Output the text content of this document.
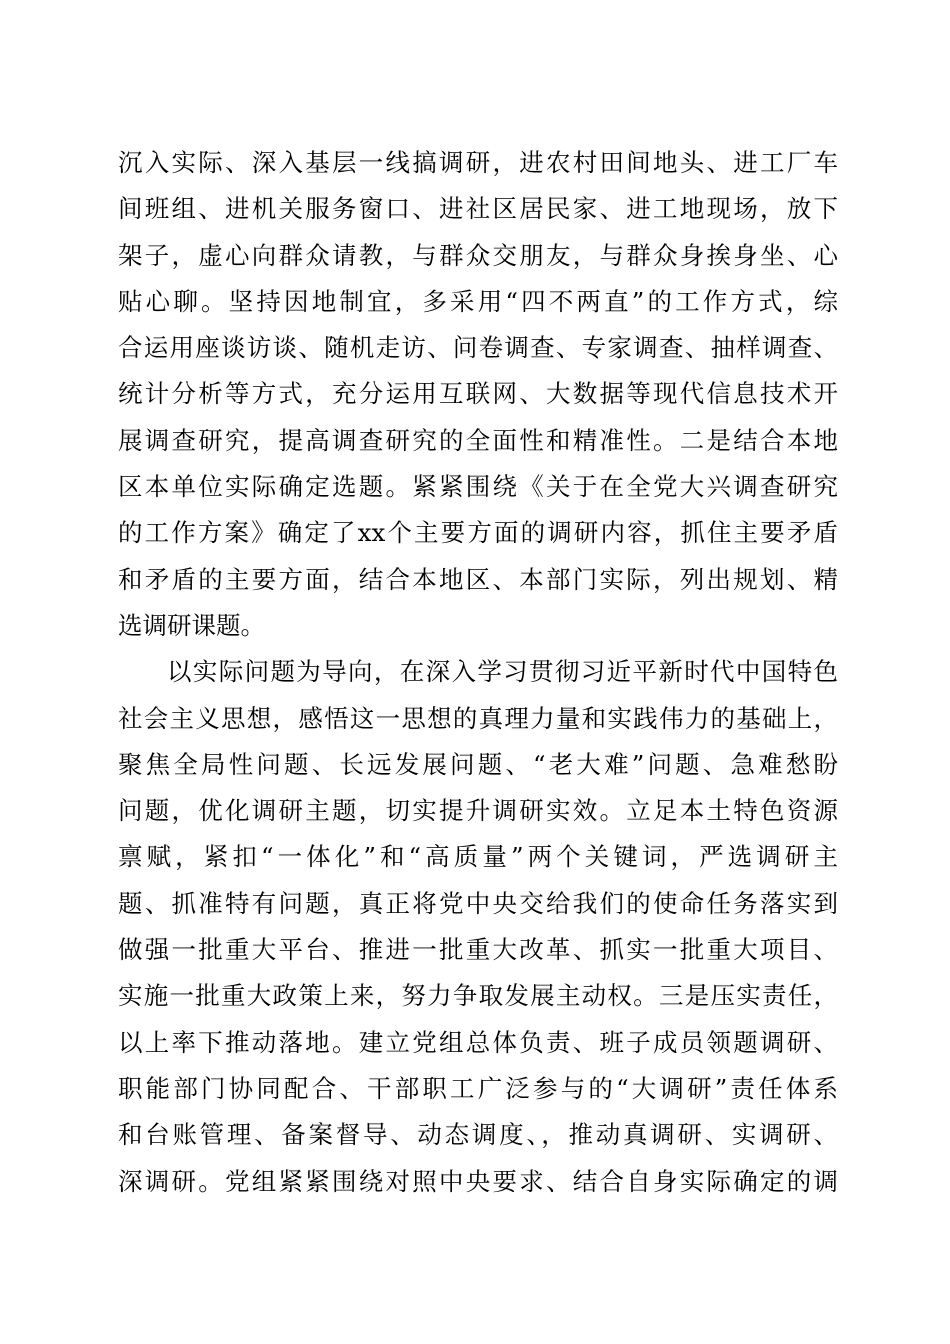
沉入实际、深入基层一线搞调研，进农村田间地头、进工厂车
间班组、进机关服务窗口、进社区居民家、进工地现场，放下
架子，虚心向群众请教，与群众交朋友，与群众身挨身坐、心
贴心聊。坚持因地制宜，多采用“四不两直”的工作方式，综
合运用座谈访谈、随机走访、问卷调查、专家调查、抽样调查、
统计分析等方式，充分运用互联网、大数据等现代信息技术开
展调查研究，提高调查研究的全面性和精准性。二是结合本地
区本单位实际确定选题。紧紧围绕《关于在全党大兴调查研究
的工作方案》确定了xx个主要方面的调研内容，抓住主要矛盾
和矛盾的主要方面，结合本地区、本部门实际，列出规划、精
选调研课题。
以实际问题为导向，在深入学习贯彻习近平新时代中国特色
社会主义思想，感悟这一思想的真理力量和实践伟力的基础上，
聚焦全局性问题、长远发展问题、“老大难”问题、急难愁盼
问题，优化调研主题，切实提升调研实效。立足本土特色资源
禀赋，紧扣“一体化”和“高质量”两个关键词，严选调研主
题、抓准特有问题，真正将党中央交给我们的使命任务落实到
做强一批重大平台、推进一批重大改革、抓实一批重大项目、
实施一批重大政策上来，努力争取发展主动权。三是压实责任，
以上率下推动落地。建立党组总体负责、班子成员领题调研、
职能部门协同配合、干部职工广泛参与的“大调研”责任体系
和台账管理、备案督导、动态调度、，推动真调研、实调研、
深调研。党组紧紧围绕对照中央要求、结合自身实际确定的调
